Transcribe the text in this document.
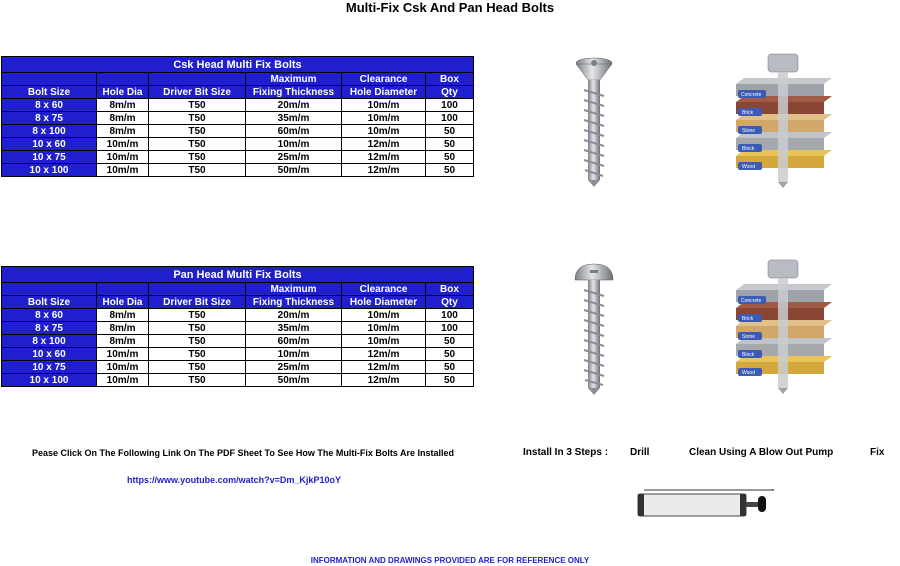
Multi-Fix Csk And Pan Head Bolts
Csk Head Multi Fix Bolts					
			Maximum	Clearance	Box
Bolt Size	Hole Dia	Driver Bit Size	Fixing Thickness	Hole Diameter	Qty
8 x 60	8m/m	T50	20m/m	10m/m	100
8 x 75	8m/m	T50	35m/m	10m/m	100
8 x 100	8m/m	T50	60m/m	10m/m	50
10 x 60	10m/m	T50	10m/m	12m/m	50
10 x 75	10m/m	T50	25m/m	12m/m	50
10 x 100	10m/m	T50	50m/m	12m/m	50
Pan Head Multi Fix Bolts					
			Maximum	Clearance	Box
Bolt Size	Hole Dia	Driver Bit Size	Fixing Thickness	Hole Diameter	Qty
8 x 60	8m/m	T50	20m/m	10m/m	100
8 x 75	8m/m	T50	35m/m	10m/m	100
8 x 100	8m/m	T50	60m/m	10m/m	50
10 x 60	10m/m	T50	10m/m	12m/m	50
10 x 75	10m/m	T50	25m/m	12m/m	50
10 x 100	10m/m	T50	50m/m	12m/m	50
Concrete
Brick
Stone
Block
Wood
Concrete
Brick
Stone
Block
Wood
Pease Click On The Following Link On The PDF Sheet To See How The Multi-Fix Bolts Are Installed
https://www.youtube.com/watch?v=Dm_KjkP10oY
Install In 3 Steps : Drill	Clean Using A Blow Out Pump	Fix
INFORMATION AND DRAWINGS PROVIDED ARE FOR REFERENCE ONLY
